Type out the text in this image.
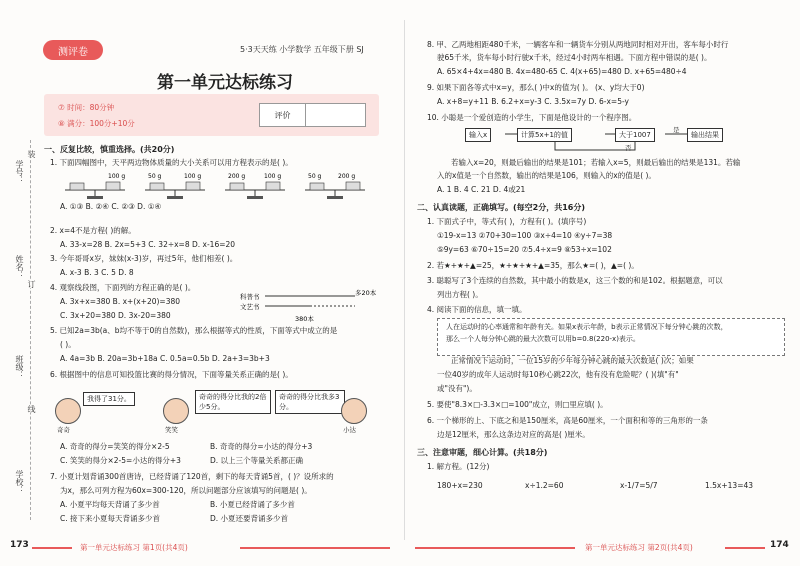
测评卷	5·3天天练 小学数学 五年级下册 SJ
第一单元达标练习
⑦ 时间：80分钟
⑧ 满分：100分+10分
评价
学号：
姓名：
班级：
学校：
装
订
线
一、反复比较，慎重选择。(共20分)
1. 下面四幅图中，天平两边物体质量的大小关系可以用方程表示的是( )。
100 g	50 g	100 g	200 g	100 g	50 g	200 g
A. ①③ B. ②④ C. ②③ D. ①④
2. x=4不是方程( )的解。
A. 33-x=28 B. 2x=5+3 C. 32÷x=8 D. x-16=20
3. 今年哥哥x岁，妹妹(x-3)岁，再过5年，他们相差( )。
A. x-3 B. 3 C. 5 D. 8
4. 观察线段图，下面列的方程正确的是( )。
A. 3x+x=380 B. x+(x+20)=380
C. 3x+20=380 D. 3x-20=380
科普书
文艺书
多20本
380本
5. 已知2a=3b(a、b均不等于0的自然数)，那么根据等式的性质，下面等式中成立的是
( )。
A. 4a=3b B. 20a=3b+18a C. 0.5a=0.5b D. 2a+3=3b+3
6. 根据图中的信息可知投篮比赛的得分情况，下面等量关系正确的是( )。
我得了31分。
奇奇
奇奇的得分比我的2倍少5分。
笑笑
奇奇的得分比我多3分。
小达
A. 奇奇的得分=笑笑的得分×2-5	B. 奇奇的得分=小达的得分+3
C. 笑笑的得分×2-5=小达的得分+3	D. 以上三个等量关系都正确
7. 小夏计划背诵300首唐诗，已经背诵了120首，剩下的每天背诵5首，( )？设所求的
为x，那么可列方程为60x=300-120，所以问题部分应该填写的问题是( )。
A. 小夏平均每天背诵了多少首	B. 小夏已经背诵了多少首
C. 接下来小夏每天背诵多少首	D. 小夏还要背诵多少首
8. 甲、乙两地相距480千米，一辆客车和一辆货车分别从两地同时相对开出，客车每小时行
驶65千米，货车每小时行驶x千米，经过4小时两车相遇。下面方程中错误的是( )。
A. 65×4+4x=480 B. 4x=480-65 C. 4(x+65)=480 D. x+65=480÷4
9. 如果下面各等式中x=y，那么( )中x的值为( )。 (x、y均大于0)
A. x+8=y+11 B. 6.2+x=y-3 C. 3.5x=7y D. 6-x=5-y
10. 小聪是一个爱创造的小学生，下面是他设计的一个程序图。
输入x	计算5x+1的值	大于1007
是
输出结果
否
若输入x=20，则最后输出的结果是101；若输入x=5，则最后输出的结果是131。若输
入的x值是一个自然数，输出的结果是106，则输入的x的值是( )。
A. 1 B. 4 C. 21 D. 4或21
二、认真读题，正确填写。(每空2分，共16分)
1. 下面式子中，等式有( )，方程有( )。(填序号)
①19-x=13 ②70+30=100 ③x÷4=10 ④y÷7=38
⑤9y=63 ⑥70÷15=20 ⑦5.4÷x=9 ⑧53÷x=102
2. 若★+★+▲=25，★+★+★+▲=35，那么★=( )，▲=( )。
3. 聪聪写了3个连续的自然数，其中最小的数是x，这三个数的和是102。根据题意，可以
列出方程( )。
4. 阅读下面的信息，填一填。
人在运动时的心率通常和年龄有关。如果x表示年龄，b表示正常情况下每分钟心跳的次数，
那么一个人每分钟心跳的最大次数可以用b=0.8(220-x)表示。
正常情况下运动时，一位15岁的少年每分钟心跳的最大次数是( )次；如果
一位40岁的成年人运动时每10秒心跳22次，他有没有危险呢？( )(填"有"
或"没有")。
5. 要使"8.3×□-3.3×□=100"成立，则□里应填( )。
6. 一个梯形的上、下底之和是150厘米，高是60厘米，一个面积和等的三角形的一条
边是12厘米，那么这条边对应的高是( )厘米。
三、注意审题，细心计算。(共18分)
1. 解方程。(12分)
180+x=230	x÷1.2=60	x-1/7=5/7	1.5x+13=43
173	第一单元达标练习 第1页(共4页)	第一单元达标练习 第2页(共4页)	174
